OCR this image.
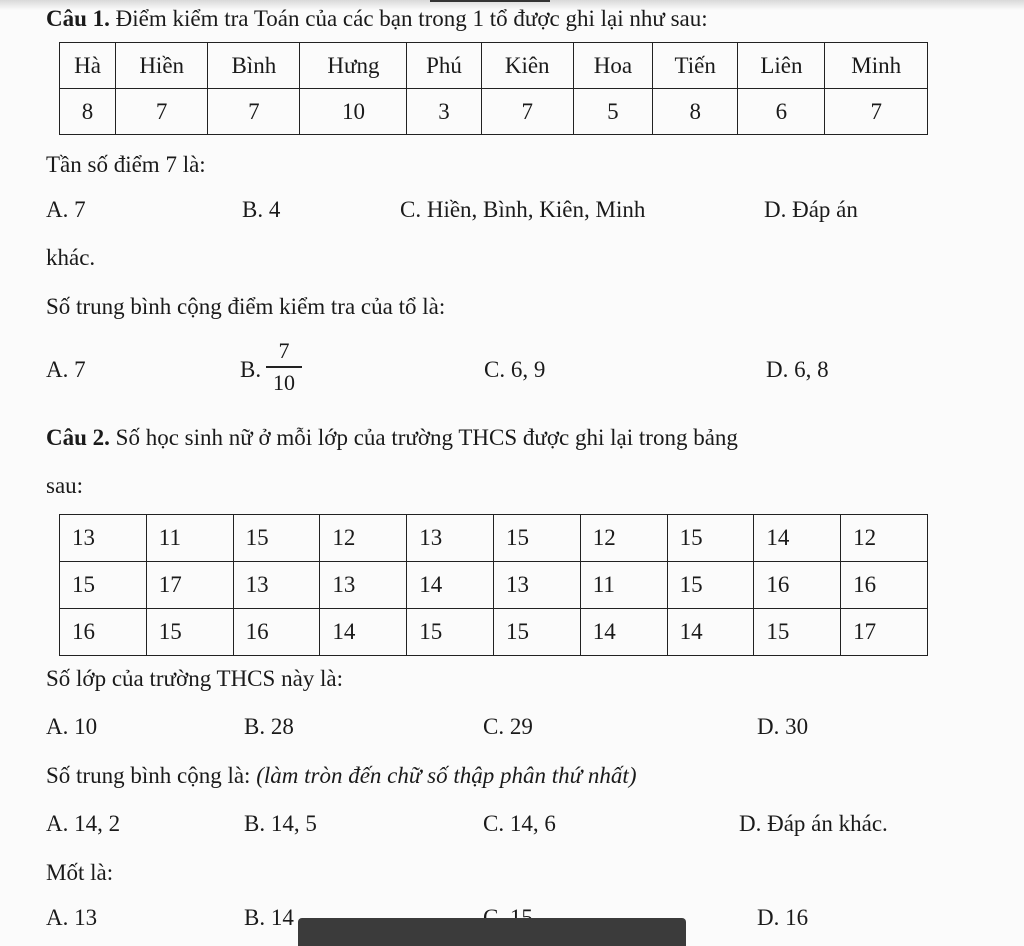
Câu 1. Điểm kiểm tra Toán của các bạn trong 1 tổ được ghi lại như sau:
Hà	Hiền	Bình	Hưng	Phú	Kiên	Hoa	Tiến	Liên	Minh
8	7	7	10	3	7	5	8	6	7
Tần số điểm 7 là:
A. 7	B. 4	C. Hiền, Bình, Kiên, Minh	D. Đáp án
khác.
Số trung bình cộng điểm kiểm tra của tổ là:
A. 7	B.
7
10	C. 6, 9	D. 6, 8
Câu 2. Số học sinh nữ ở mỗi lớp của trường THCS được ghi lại trong bảng
sau:
13	11	15	12	13	15	12	15	14	12
15	17	13	13	14	13	11	15	16	16
16	15	16	14	15	15	14	14	15	17
Số lớp của trường THCS này là:
A. 10	B. 28	C. 29	D. 30
Số trung bình cộng là: (làm tròn đến chữ số thập phân thứ nhất)
A. 14, 2	B. 14, 5	C. 14, 6	D. Đáp án khác.
Mốt là:
A. 13	B. 14	D. 16
